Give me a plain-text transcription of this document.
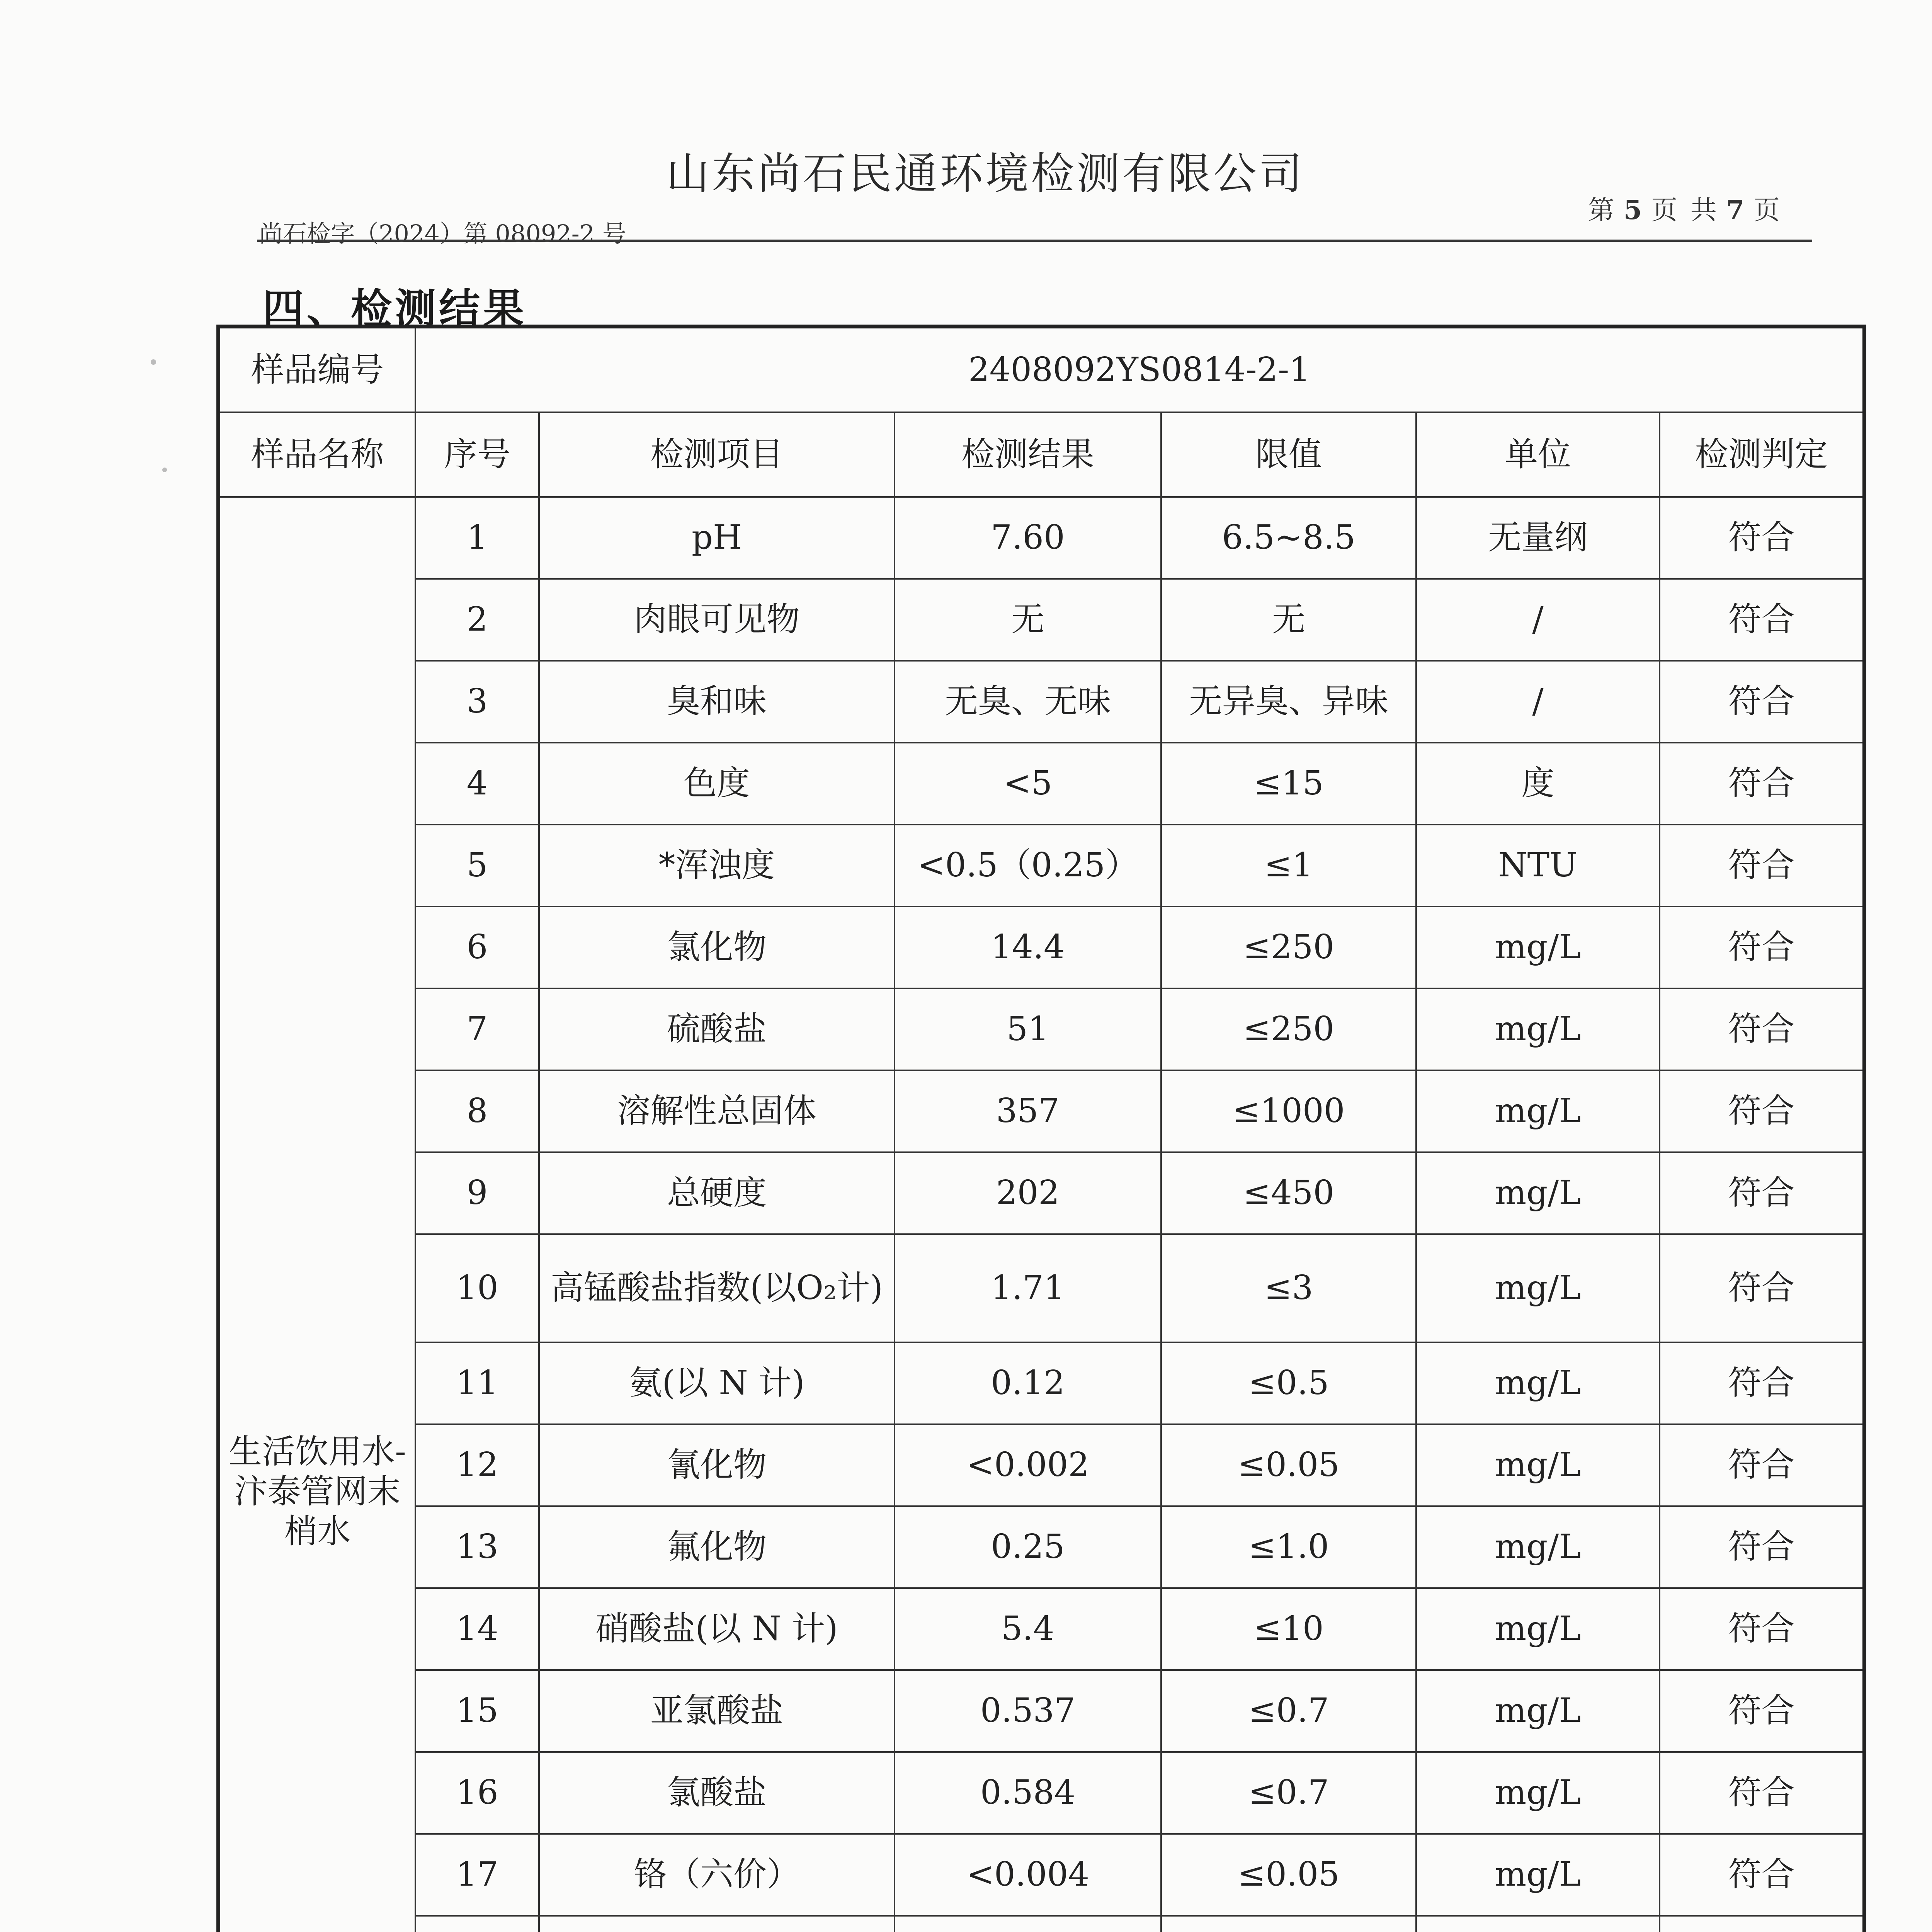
山东尚石民通环境检测有限公司
第 5 页 共 7 页
尚石检字（2024）第 08092-2 号
四、检测结果
样品编号	2408092YS0814-2-1					
样品名称	序号	检测项目	检测结果	限值	单位	检测判定
生活饮用水-汴泰管网末梢水	1	pH	7.60	6.5~8.5	无量纲	符合
	2	肉眼可见物	无	无	/	符合
	3	臭和味	无臭、无味	无异臭、异味	/	符合
	4	色度	<5	≤15	度	符合
	5	*浑浊度	<0.5（0.25）	≤1	NTU	符合
	6	氯化物	14.4	≤250	mg/L	符合
	7	硫酸盐	51	≤250	mg/L	符合
	8	溶解性总固体	357	≤1000	mg/L	符合
	9	总硬度	202	≤450	mg/L	符合
	10	高锰酸盐指数(以O₂计)	1.71	≤3	mg/L	符合
	11	氨(以 N 计)	0.12	≤0.5	mg/L	符合
	12	氰化物	<0.002	≤0.05	mg/L	符合
	13	氟化物	0.25	≤1.0	mg/L	符合
	14	硝酸盐(以 N 计)	5.4	≤10	mg/L	符合
	15	亚氯酸盐	0.537	≤0.7	mg/L	符合
	16	氯酸盐	0.584	≤0.7	mg/L	符合
	17	铬（六价）	<0.004	≤0.05	mg/L	符合
